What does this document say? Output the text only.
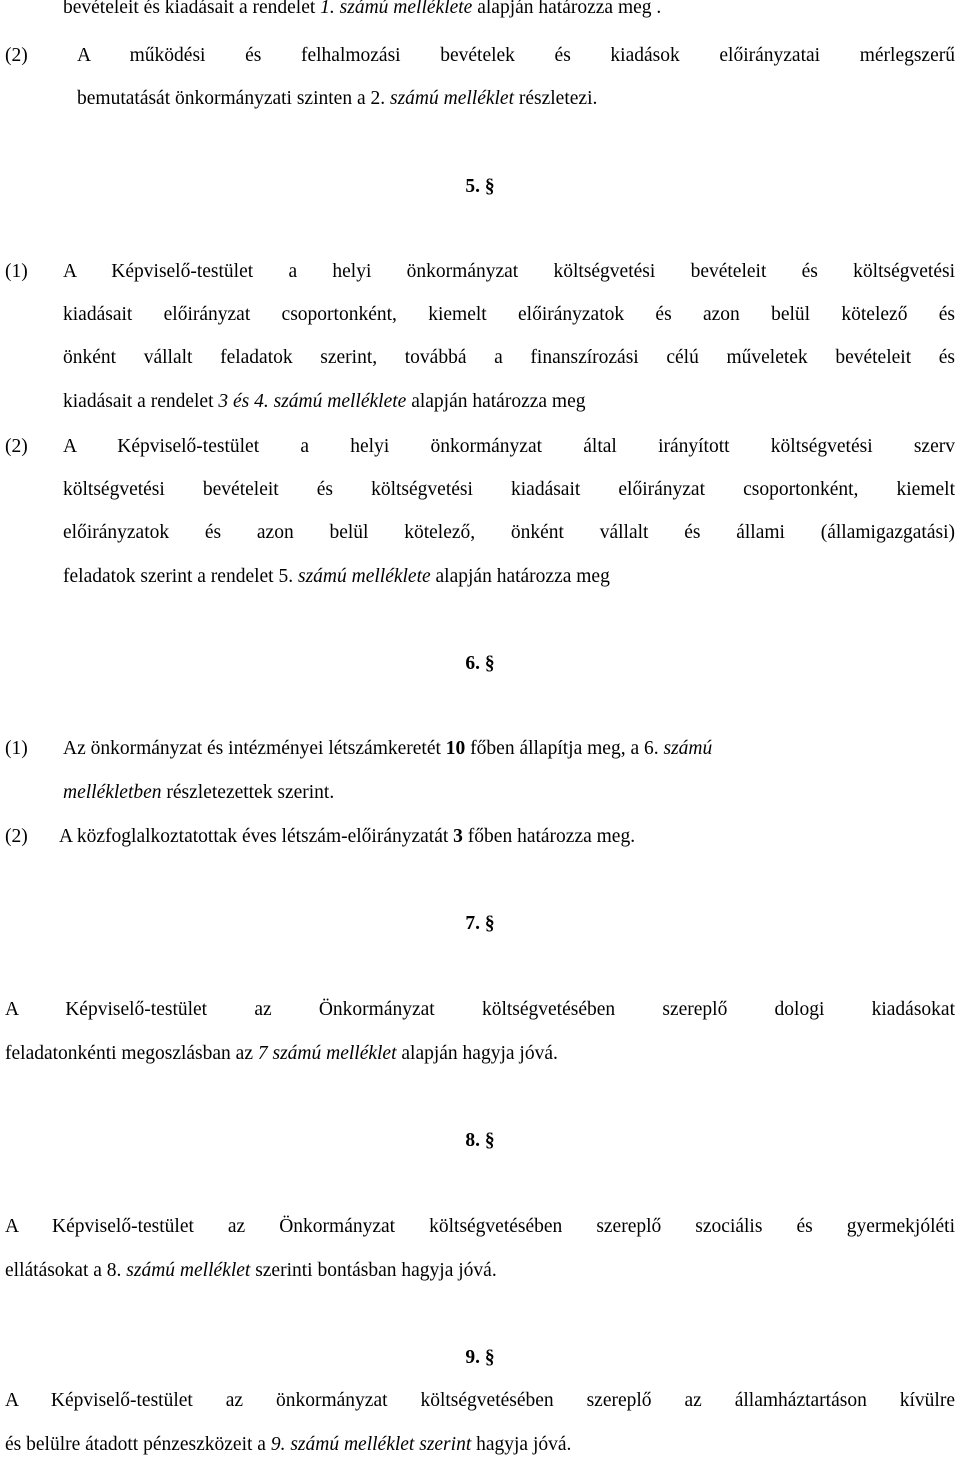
bevételeit és kiadásait a rendelet 1. számú melléklete alapján határozza meg .
(2)	A működési és felhalmozási bevételek és kiadások előirányzatai mérlegszerű
bemutatását önkormányzati szinten a 2. számú melléklet részletezi.
5. §
(1) A Képviselő-testület a helyi önkormányzat költségvetési bevételeit és költségvetési
kiadásait előirányzat csoportonként, kiemelt előirányzatok és azon belül kötelező és
önként vállalt feladatok szerint, továbbá a finanszírozási célú műveletek bevételeit és
kiadásait a rendelet 3 és 4. számú melléklete alapján határozza meg
(2) A Képviselő-testület a helyi önkormányzat által irányított költségvetési szerv
költségvetési bevételeit és költségvetési kiadásait előirányzat csoportonként, kiemelt
előirányzatok és azon belül kötelező, önként vállalt és állami (államigazgatási)
feladatok szerint a rendelet 5. számú melléklete alapján határozza meg
6. §
(1) Az önkormányzat és intézményei létszámkeretét 10 főben állapítja meg, a 6. számú
mellékletben részletezettek szerint.
(2) A közfoglalkoztatottak éves létszám-előirányzatát 3 főben határozza meg.
7. §
A Képviselő-testület az Önkormányzat költségvetésében szereplő dologi kiadásokat
feladatonkénti megoszlásban az 7 számú melléklet alapján hagyja jóvá.
8. §
A Képviselő-testület az Önkormányzat költségvetésében szereplő szociális és gyermekjóléti
ellátásokat a 8. számú melléklet szerinti bontásban hagyja jóvá.
9. §
A Képviselő-testület az önkormányzat költségvetésében szereplő az államháztartáson kívülre
és belülre átadott pénzeszközeit a 9. számú melléklet szerint hagyja jóvá.
